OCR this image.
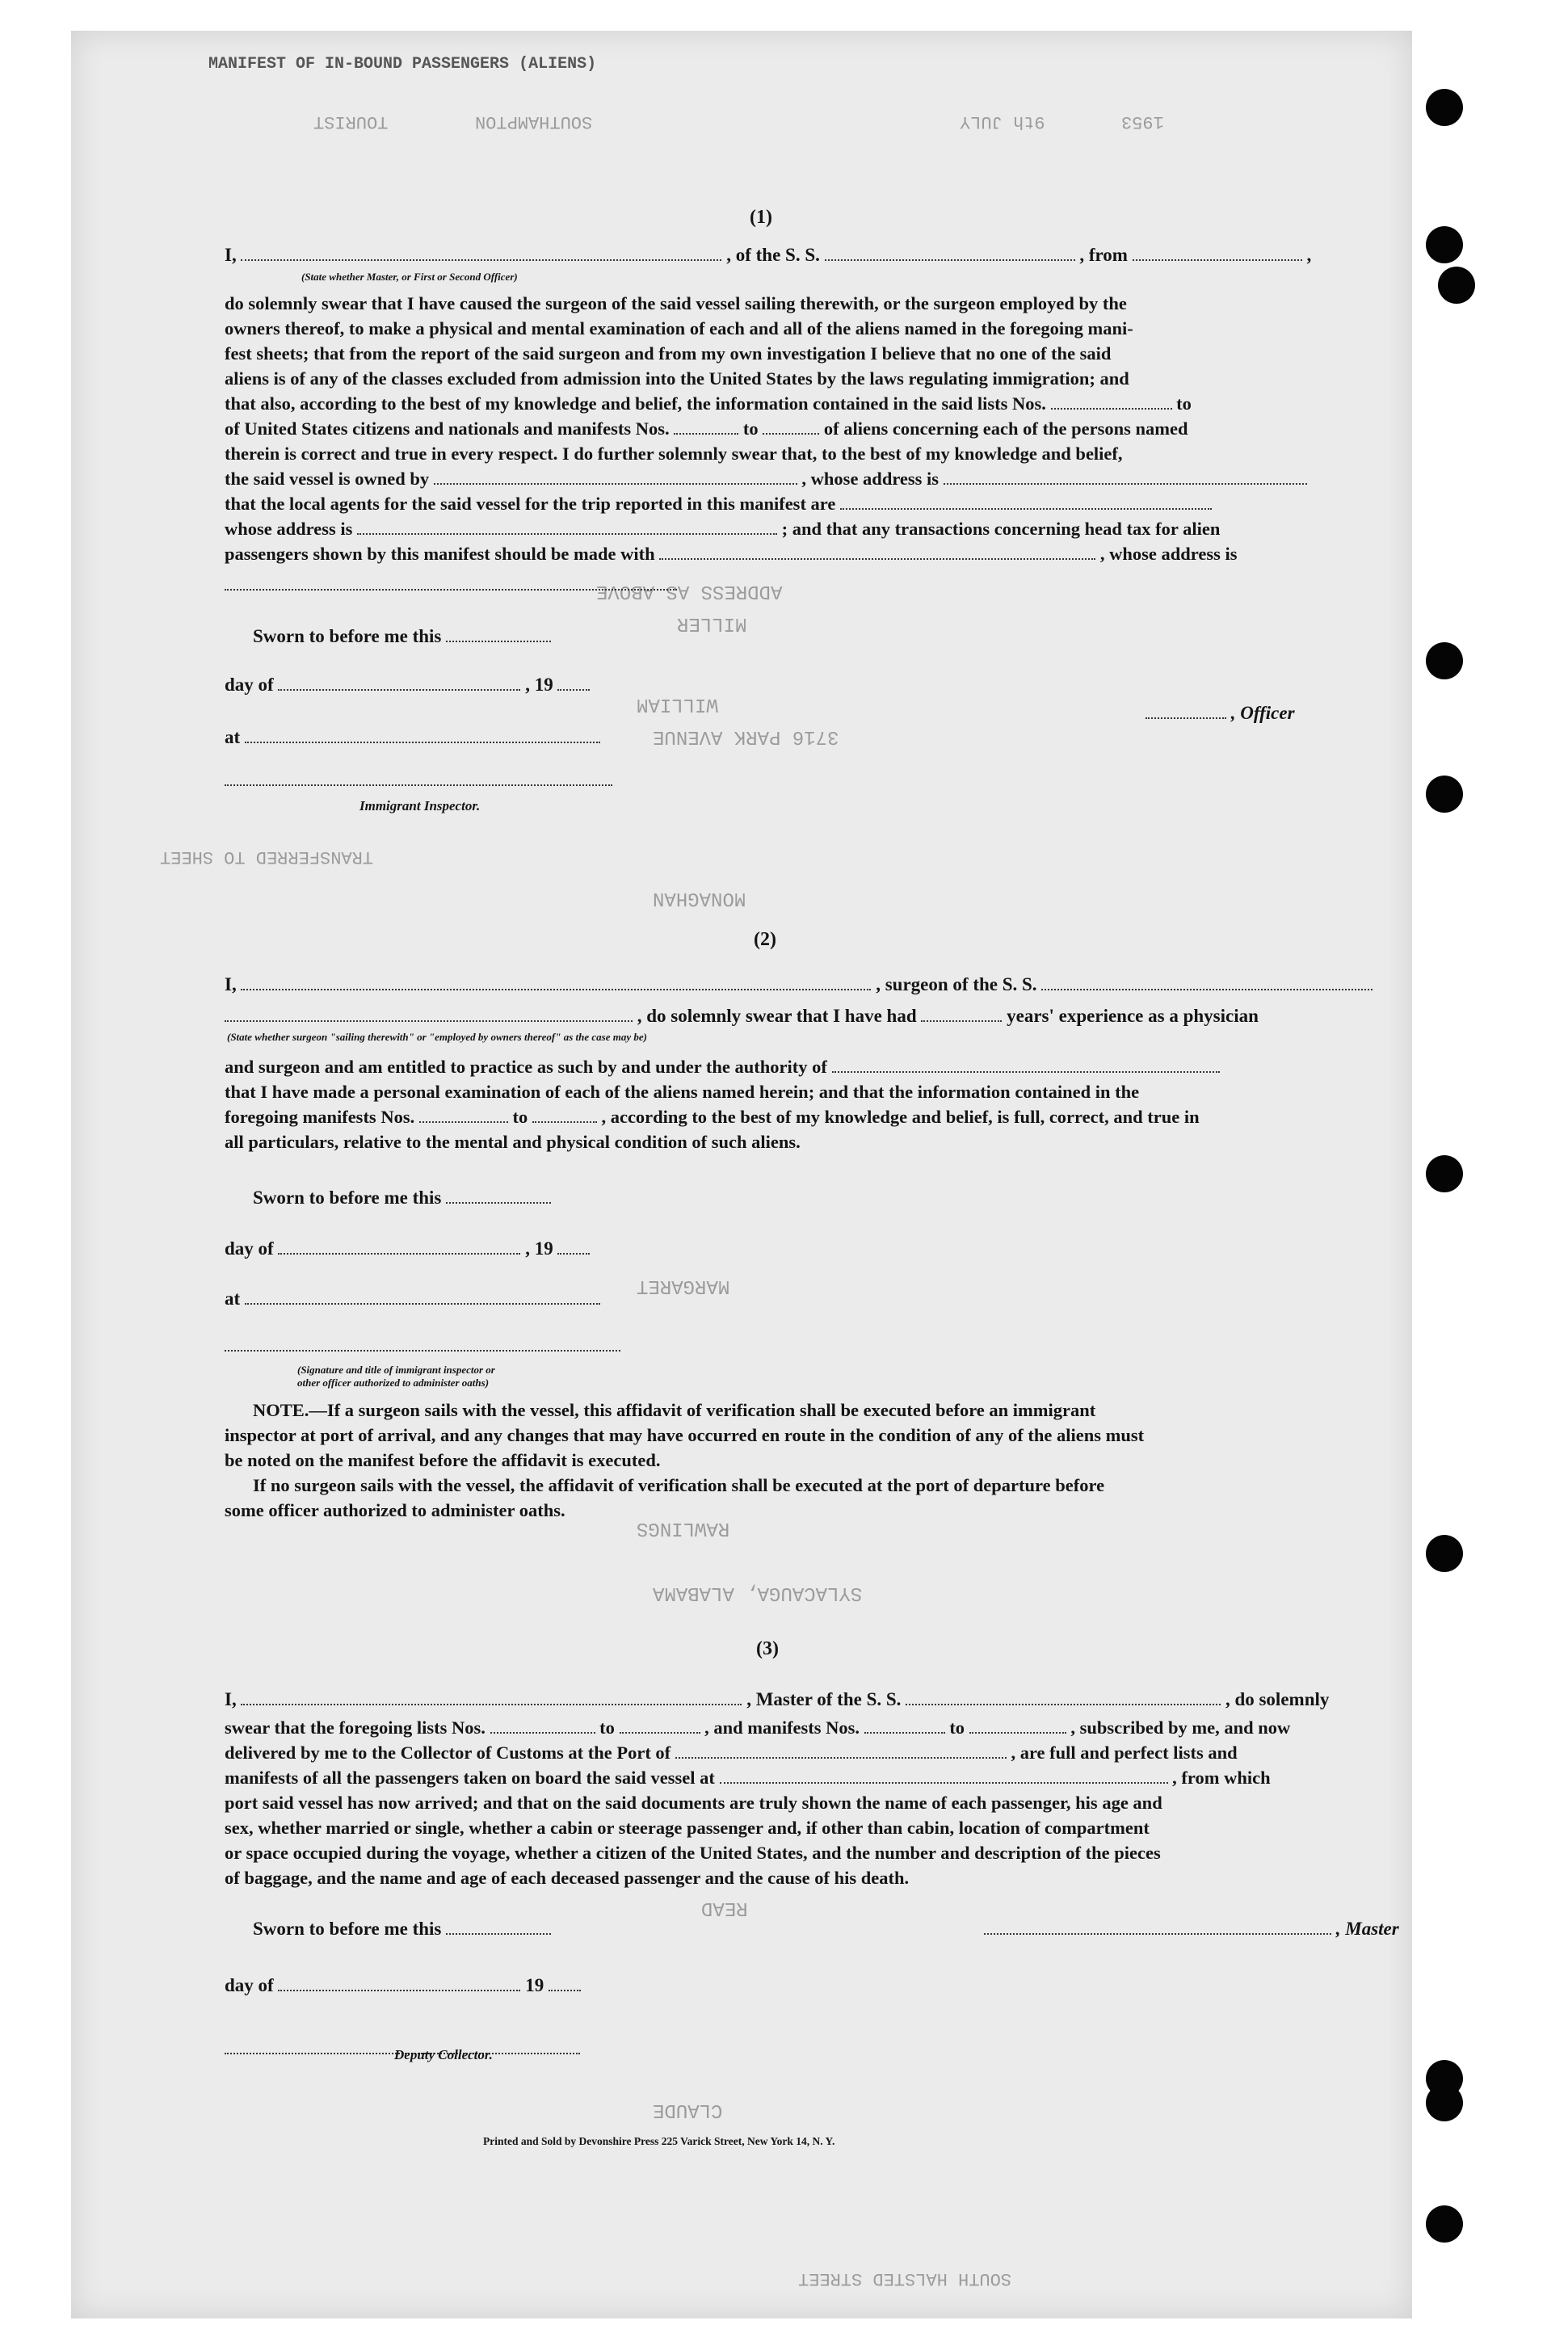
MANIFEST OF IN-BOUND PASSENGERS (ALIENS)
TOURIST	SOUTHAMPTON	9th JULY	1953
ADDRESS AS ABOVE
MILLER
WILLIAM
3716 PARK AVENUE
TRANSFERRED TO SHEET
MONAGHAN
MARGARET
RAWLINGS
SYLACAUGA, ALABAMA
READ
CLAUDE
SOUTH HALSTED STREET
(1)
I,	, of the S. S.	, from	,
(State whether Master, or First or Second Officer)
do solemnly swear that I have caused the surgeon of the said vessel sailing therewith, or the surgeon employed by the
owners thereof, to make a physical and mental examination of each and all of the aliens named in the foregoing mani-
fest sheets; that from the report of the said surgeon and from my own investigation I believe that no one of the said
aliens is of any of the classes excluded from admission into the United States by the laws regulating immigration; and
that also, according to the best of my knowledge and belief, the information contained in the said lists Nos.	to
of United States citizens and nationals and manifests Nos.	to	of aliens concerning each of the persons named
therein is correct and true in every respect. I do further solemnly swear that, to the best of my knowledge and belief,
the said vessel is owned by	, whose address is
that the local agents for the said vessel for the trip reported in this manifest are
whose address is	; and that any transactions concerning head tax for alien
passengers shown by this manifest should be made with	, whose address is
Sworn to before me this
day of	, 19
at
, Officer
Immigrant Inspector.
(2)
I,	, surgeon of the S. S.
, do solemnly swear that I have had	years' experience as a physician
(State whether surgeon "sailing therewith" or "employed by owners thereof" as the case may be)
and surgeon and am entitled to practice as such by and under the authority of
that I have made a personal examination of each of the aliens named herein; and that the information contained in the
foregoing manifests Nos.	to	, according to the best of my knowledge and belief, is full, correct, and true in
all particulars, relative to the mental and physical condition of such aliens.
Sworn to before me this
day of	, 19
at
(Signature and title of immigrant inspector or
other officer authorized to administer oaths)
NOTE.—If a surgeon sails with the vessel, this affidavit of verification shall be executed before an immigrant
inspector at port of arrival, and any changes that may have occurred en route in the condition of any of the aliens must
be noted on the manifest before the affidavit is executed.
If no surgeon sails with the vessel, the affidavit of verification shall be executed at the port of departure before
some officer authorized to administer oaths.
(3)
I,	, Master of the S. S.	, do solemnly
swear that the foregoing lists Nos.	to	, and manifests Nos.	to	, subscribed by me, and now
delivered by me to the Collector of Customs at the Port of	, are full and perfect lists and
manifests of all the passengers taken on board the said vessel at	, from which
port said vessel has now arrived; and that on the said documents are truly shown the name of each passenger, his age and
sex, whether married or single, whether a cabin or steerage passenger and, if other than cabin, location of compartment
or space occupied during the voyage, whether a citizen of the United States, and the number and description of the pieces
of baggage, and the name and age of each deceased passenger and the cause of his death.
Sworn to before me this	, Master
day of	19
Deputy Collector.
Printed and Sold by Devonshire Press 225 Varick Street, New York 14, N. Y.
